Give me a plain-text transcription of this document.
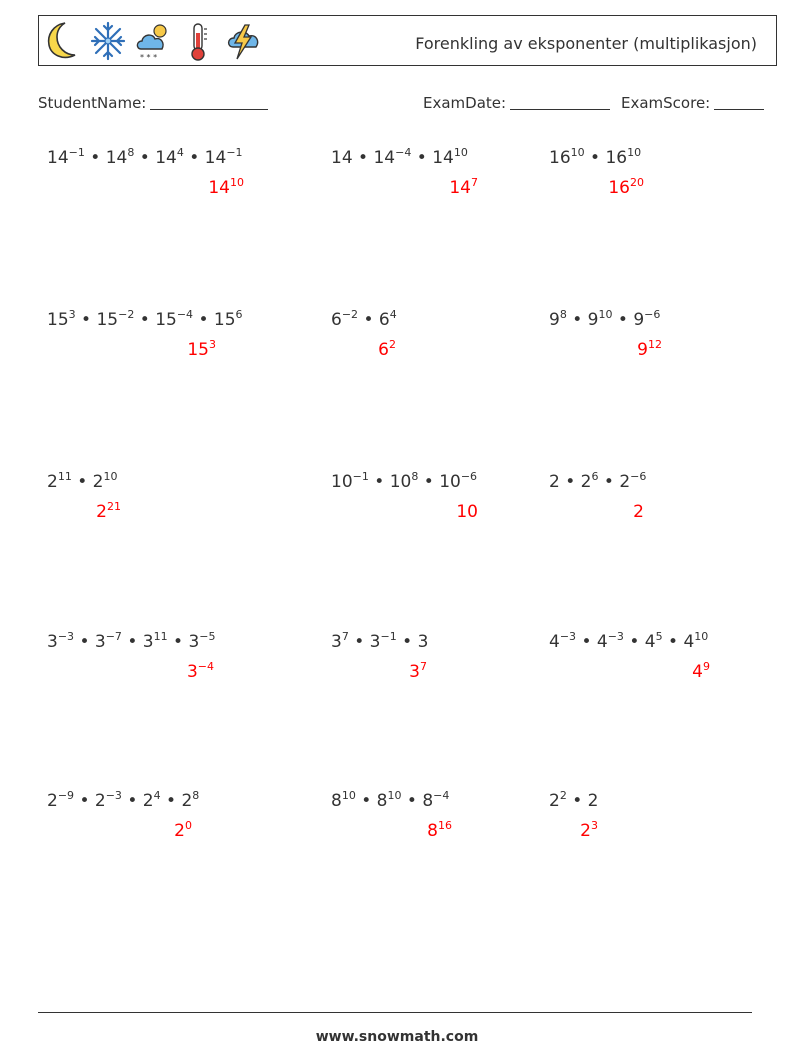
* * *
Forenkling av eksponenter (multiplikasjon)
StudentName:	ExamDate:	ExamScore:
$14^{-1}$ • $14^8$ • $14^4$ • $14^{-1}$
$14^{10}$
14 • $14^{-4}$ • $14^{10}$
$14^7$
$16^{10}$ • $16^{10}$
$16^{20}$
$15^3$ • $15^{-2}$ • $15^{-4}$ • $15^6$
$15^3$
$6^{-2}$ • $6^4$
$6^2$
$9^8$ • $9^{10}$ • $9^{-6}$
$9^{12}$
$2^{11}$ • $2^{10}$
$2^{21}$
$10^{-1}$ • $10^8$ • $10^{-6}$
10
2 • $2^6$ • $2^{-6}$
2
$3^{-3}$ • $3^{-7}$ • $3^{11}$ • $3^{-5}$
$3^{-4}$
$3^7$ • $3^{-1}$ • 3
$3^7$
$4^{-3}$ • $4^{-3}$ • $4^5$ • $4^{10}$
$4^9$
$2^{-9}$ • $2^{-3}$ • $2^4$ • $2^8$
$2^0$
$8^{10}$ • $8^{10}$ • $8^{-4}$
$8^{16}$
$2^2$ • 2
$2^3$
www.snowmath.com
